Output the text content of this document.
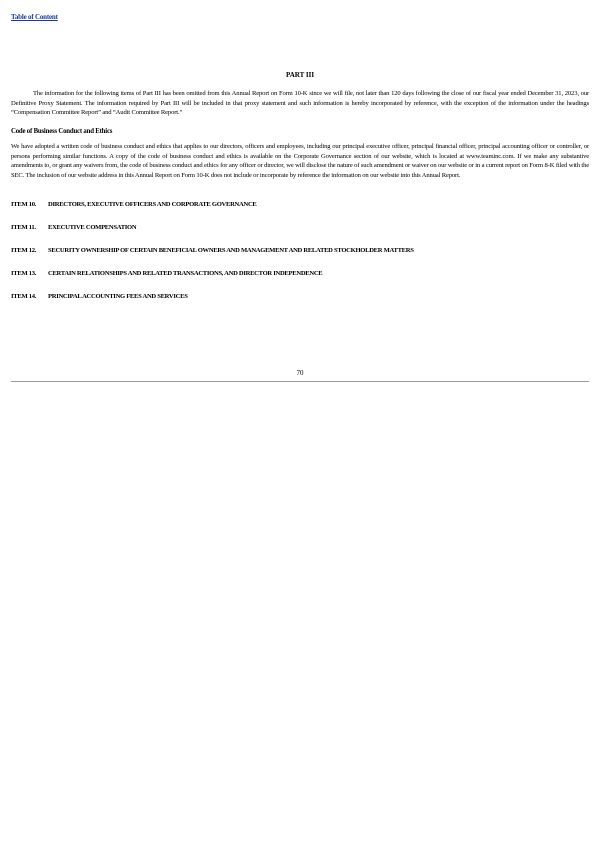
Table of Content
PART III

The information for the following items of Part III has been omitted from this Annual Report on Form 10-K since we will file, not later than 120 days following the close of our fiscal year ended December 31, 2023, our Definitive Proxy Statement. The information required by Part III will be included in that proxy statement and such information is hereby incorporated by reference, with the exception of the information under the headings “Compensation Committee Report” and “Audit Committee Report.”

Code of Business Conduct and Ethics

We have adopted a written code of business conduct and ethics that applies to our directors, officers and employees, including our principal executive officer, principal financial officer, principal accounting officer or controller, or persons performing similar functions. A copy of the code of business conduct and ethics is available on the Corporate Governance section of our website, which is located at www.teaminc.com. If we make any substantive amendments to, or grant any waivers from, the code of business conduct and ethics for any officer or director, we will disclose the nature of such amendment or waiver on our website or in a current report on Form 8-K filed with the SEC. The inclusion of our website address in this Annual Report on Form 10-K does not include or incorporate by reference the information on our website into this Annual Report.

ITEM 10. DIRECTORS, EXECUTIVE OFFICERS AND CORPORATE GOVERNANCE
ITEM 11. EXECUTIVE COMPENSATION
ITEM 12. SECURITY OWNERSHIP OF CERTAIN BENEFICIAL OWNERS AND MANAGEMENT AND RELATED STOCKHOLDER MATTERS
ITEM 13. CERTAIN RELATIONSHIPS AND RELATED TRANSACTIONS, AND DIRECTOR INDEPENDENCE
ITEM 14. PRINCIPAL ACCOUNTING FEES AND SERVICES
70
